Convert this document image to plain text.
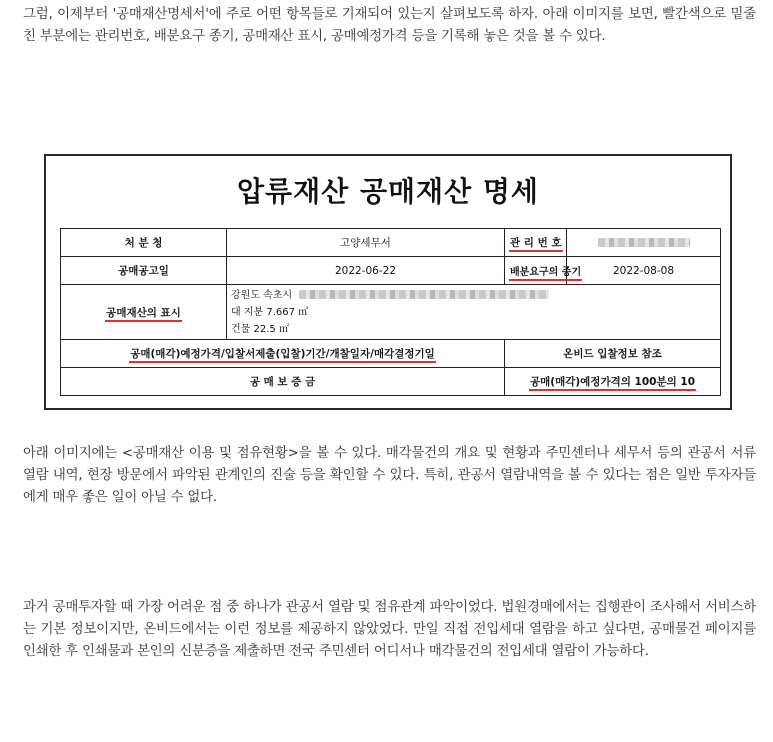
그럼, 이제부터 '공매재산명세서'에 주로 어떤 항목들로 기재되어 있는지 살펴보도록 하자. 아래 이미지를 보면, 빨간색으로 밑줄 친 부분에는 관리번호, 배분요구 종기, 공매재산 표시, 공매예정가격 등을 기록해 놓은 것을 볼 수 있다.

압류재산 공매재산 명세
처 분 청	고양세무서	관 리 번 호	
공매공고일	2022-06-22	배분요구의 종기	2022-08-08
공매재산의 표시	강원도 속초시
대 지분 7.667 ㎡
건물 22.5 ㎡		

공매(매각)예정가격/입찰서제출(입찰)기간/개찰일자/매각결정기일		온비드 입찰정보 참조	
공 매 보 증 금		공매(매각)예정가격의 100분의 10	

아래 이미지에는 <공매재산 이용 및 점유현황>을 볼 수 있다. 매각물건의 개요 및 현황과 주민센터나 세무서 등의 관공서 서류 열람 내역, 현장 방문에서 파악된 관계인의 진술 등을 확인할 수 있다. 특히, 관공서 열람내역을 볼 수 있다는 점은 일반 투자자들에게 매우 좋은 일이 아닐 수 없다.

과거 공매투자할 때 가장 어려운 점 중 하나가 관공서 열람 및 점유관계 파악이었다. 법원경매에서는 집행관이 조사해서 서비스하는 기본 정보이지만, 온비드에서는 이런 정보를 제공하지 않았었다. 만일 직접 전입세대 열람을 하고 싶다면, 공매물건 페이지를 인쇄한 후 인쇄물과 본인의 신분증을 제출하면 전국 주민센터 어디서나 매각물건의 전입세대 열람이 가능하다.
